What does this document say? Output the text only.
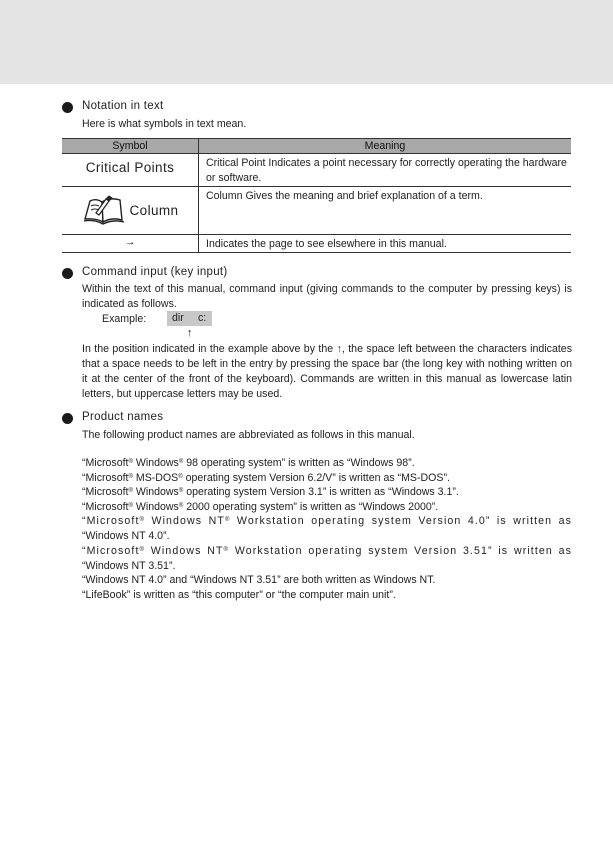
Notation in text
Here is what symbols in text mean.
Symbol	Meaning
Critical Points	Critical Point Indicates a point necessary for correctly operating the hardware or software.

Column	Column Gives the meaning and brief explanation of a term.
→	Indicates the page to see elsewhere in this manual.
Command input (key input)
Within the text of this manual, command input (giving commands to the computer by pressing keys) is indicated as follows.
Example: dir c:
↑
In the position indicated in the example above by the ↑, the space left between the characters indicates that a space needs to be left in the entry by pressing the space bar (the long key with nothing written on it at the center of the front of the keyboard). Commands are written in this manual as lowercase latin letters, but uppercase letters may be used.
Product names
The following product names are abbreviated as follows in this manual.
“Microsoft® Windows® 98 operating system” is written as “Windows 98”.
“Microsoft® MS-DOS® operating system Version 6.2/V” is written as “MS-DOS”.
“Microsoft® Windows® operating system Version 3.1” is written as “Windows 3.1”.
“Microsoft® Windows® 2000 operating system” is written as “Windows 2000”.
“Microsoft® Windows NT® Workstation operating system Version 4.0” is written as
“Windows NT 4.0”.
“Microsoft® Windows NT® Workstation operating system Version 3.51” is written as
“Windows NT 3.51”.
“Windows NT 4.0” and “Windows NT 3.51” are both written as Windows NT.
“LifeBook” is written as “this computer” or “the computer main unit”.
